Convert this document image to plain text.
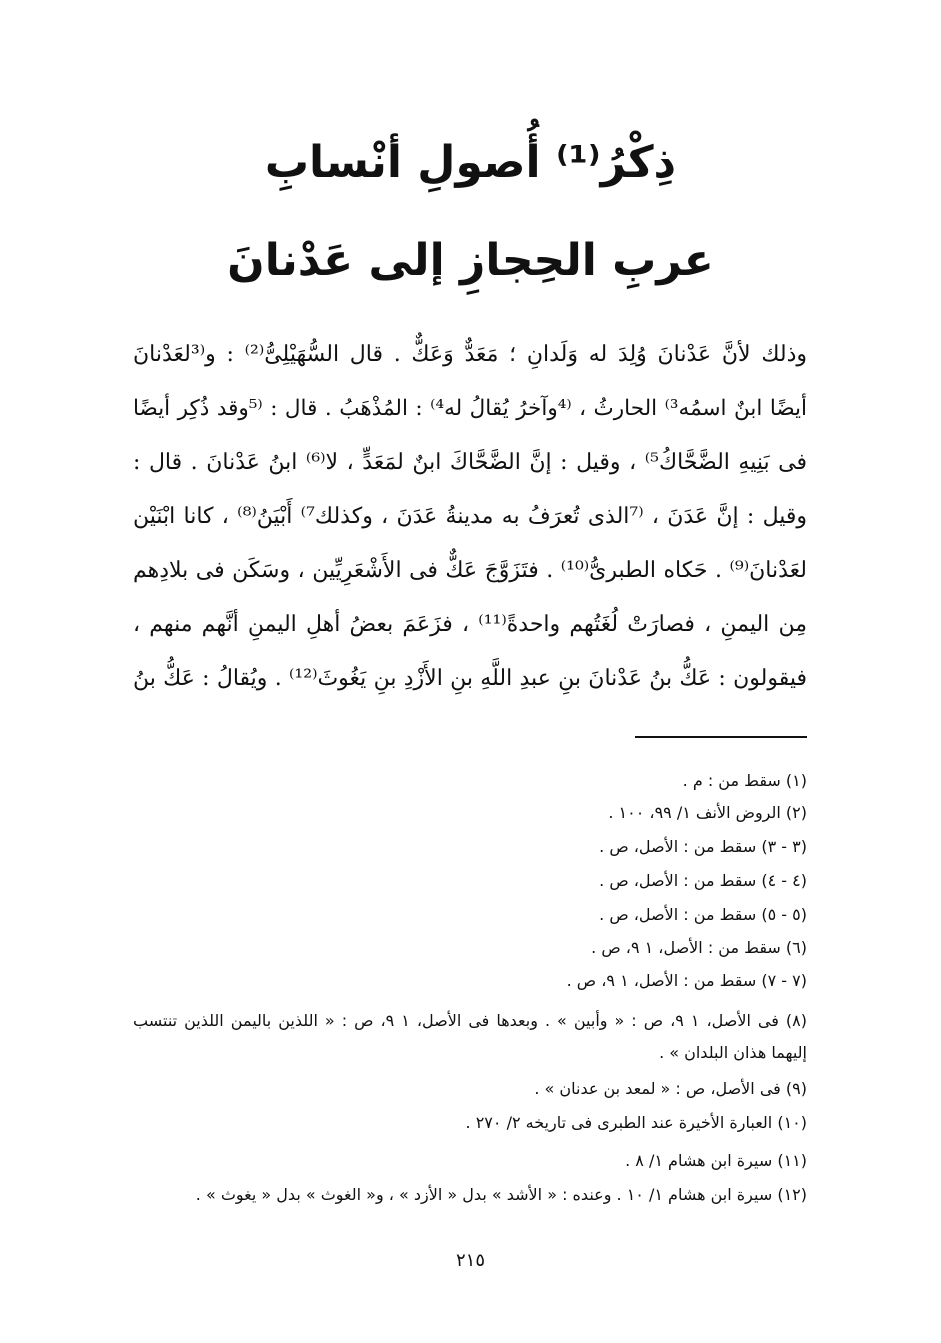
ذِكْرُ⁽¹⁾ أُصولِ أنْسابِ
عربِ الحِجازِ إلى عَدْنانَ
وذلك لأنَّ عَدْنانَ وُلِدَ له وَلَدانِ ؛ مَعَدٌّ وَعَكٌّ . قال السُّهَيْلِىُّ⁽²⁾ : و⁽³لعَدْنانَ
أيضًا ابنٌ اسمُه³⁾ الحارثُ ، ⁽⁴وآخرُ يُقالُ له⁴⁾ : المُذْهَبُ . قال : ⁽⁵وقد ذُكِر أيضًا
فى بَنِيهِ الضَّحَّاكُ⁵⁾ ، وقيل : إنَّ الضَّحَّاكَ ابنٌ لمَعَدٍّ ، لا⁽⁶⁾ ابنُ عَدْنانَ . قال :
وقيل : إنَّ عَدَنَ ، ⁽⁷الذى تُعرَفُ به مدينةُ عَدَنَ ، وكذلك⁷⁾ أَبْيَنُ⁽⁸⁾ ، كانا ابْنَيْن
لعَدْنانَ⁽⁹⁾ . حَكاه الطبرىُّ⁽¹⁰⁾ . فتَزَوَّجَ عَكٌّ فى الأَشْعَرِيِّين ، وسَكَن فى بلادِهم
مِن اليمنِ ، فصارَتْ لُغَتُهم واحدةً⁽¹¹⁾ ، فزَعَمَ بعضُ أهلِ اليمنِ أنَّهم منهم ،
فيقولون : عَكُّ بنُ عَدْنانَ بنِ عبدِ اللَّهِ بنِ الأَزْدِ بنِ يَغُوثَ⁽¹²⁾ . ويُقالُ : عَكُّ بنُ
(١) سقط من : م .
(٢) الروض الأنف ١/ ٩٩، ١٠٠ .
(٣ - ٣) سقط من : الأصل، ص .
(٤ - ٤) سقط من : الأصل، ص .
(٥ - ٥) سقط من : الأصل، ص .
(٦) سقط من : الأصل، ١ ٩، ص .
(٧ - ٧) سقط من : الأصل، ١ ٩، ص .
(٨) فى الأصل، ١ ٩، ص : « وأبين » . وبعدها فى الأصل، ١ ٩، ص : « اللذين باليمن اللذين تنتسب
إليهما هذان البلدان » .
(٩) فى الأصل، ص : « لمعد بن عدنان » .
(١٠) العبارة الأخيرة عند الطبرى فى تاريخه ٢/ ٢٧٠ .
(١١) سيرة ابن هشام ١/ ٨ .
(١٢) سيرة ابن هشام ١/ ١٠ . وعنده : « الأشد » بدل « الأزد » ، و« الغوث » بدل « يغوث » .
٢١٥
